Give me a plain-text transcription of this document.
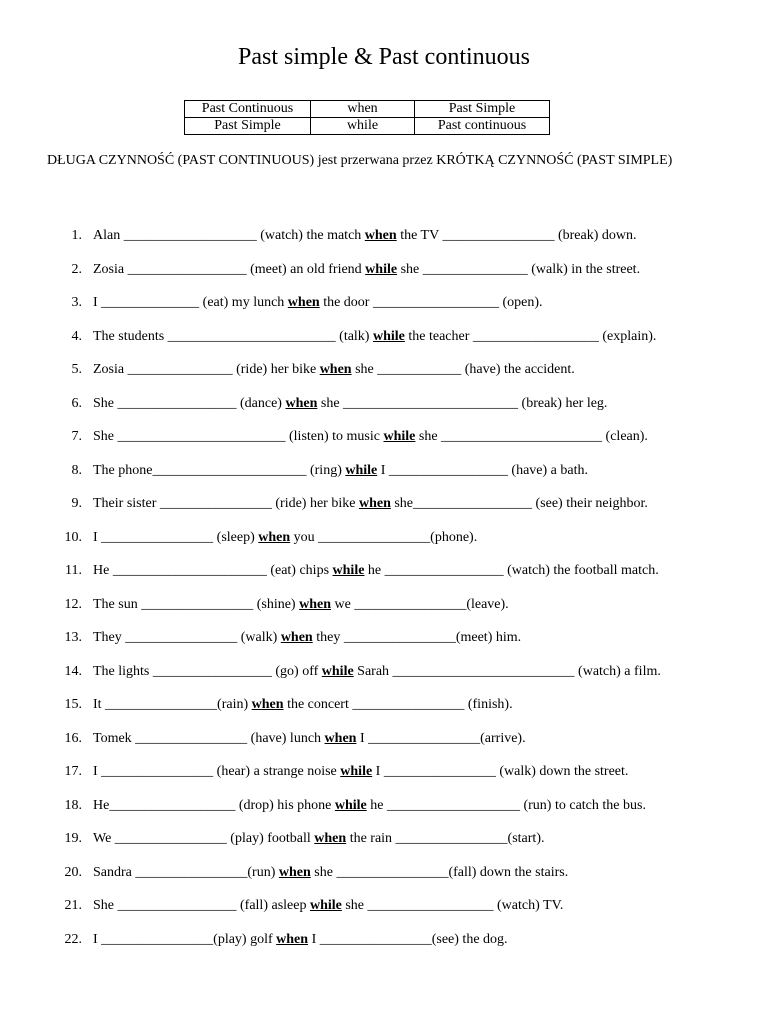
Past simple & Past continuous
Past Continuous	when	Past Simple
Past Simple	while	Past continuous
DŁUGA CZYNNOŚĆ (PAST CONTINUOUS) jest przerwana przez KRÓTKĄ CZYNNOŚĆ (PAST SIMPLE)
1. Alan ___________________ (watch) the match when the TV ________________ (break) down.
2. Zosia _________________ (meet) an old friend while she _______________ (walk) in the street.
3. I ______________ (eat) my lunch when the door __________________ (open).
4. The students ________________________ (talk) while the teacher __________________ (explain).
5. Zosia _______________ (ride) her bike when she ____________ (have) the accident.
6. She _________________ (dance) when she _________________________ (break) her leg.
7. She ________________________ (listen) to music while she _______________________ (clean).
8. The phone______________________ (ring) while I _________________ (have) a bath.
9. Their sister ________________ (ride) her bike when she_________________ (see) their neighbor.
10. I ________________ (sleep) when you ________________(phone).
11. He ______________________ (eat) chips while he _________________ (watch) the football match.
12. The sun ________________ (shine) when we ________________(leave).
13. They ________________ (walk) when they ________________(meet) him.
14. The lights _________________ (go) off while Sarah __________________________ (watch) a film.
15. It ________________(rain) when the concert ________________ (finish).
16. Tomek ________________ (have) lunch when I ________________(arrive).
17. I ________________ (hear) a strange noise while I ________________ (walk) down the street.
18. He__________________ (drop) his phone while he ___________________ (run) to catch the bus.
19. We ________________ (play) football when the rain ________________(start).
20. Sandra ________________(run) when she ________________(fall) down the stairs.
21. She _________________ (fall) asleep while she __________________ (watch) TV.
22. I ________________(play) golf when I ________________(see) the dog.
